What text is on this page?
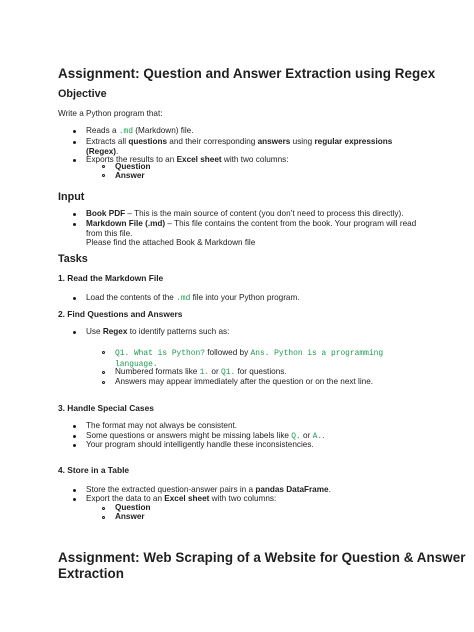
Assignment: Question and Answer Extraction using Regex
Objective
Write a Python program that:
Reads a .md (Markdown) file.
Extracts all questions and their corresponding answers using regular expressions
(Regex).
Exports the results to an Excel sheet with two columns:
Question
Answer
Input
Book PDF – This is the main source of content (you don’t need to process this directly).
Markdown File (.md) – This file contains the content from the book. Your program will read
from this file.
Please find the attached Book & Markdown file
Tasks
1. Read the Markdown File
Load the contents of the .md file into your Python program.
2. Find Questions and Answers
Use Regex to identify patterns such as:
Q1. What is Python? followed by Ans. Python is a programming
language.
Numbered formats like 1. or Q1. for questions.
Answers may appear immediately after the question or on the next line.
3. Handle Special Cases
The format may not always be consistent.
Some questions or answers might be missing labels like Q. or A..
Your program should intelligently handle these inconsistencies.
4. Store in a Table
Store the extracted question-answer pairs in a pandas DataFrame.
Export the data to an Excel sheet with two columns:
Question
Answer
Assignment: Web Scraping of a Website for Question & Answer
Extraction
